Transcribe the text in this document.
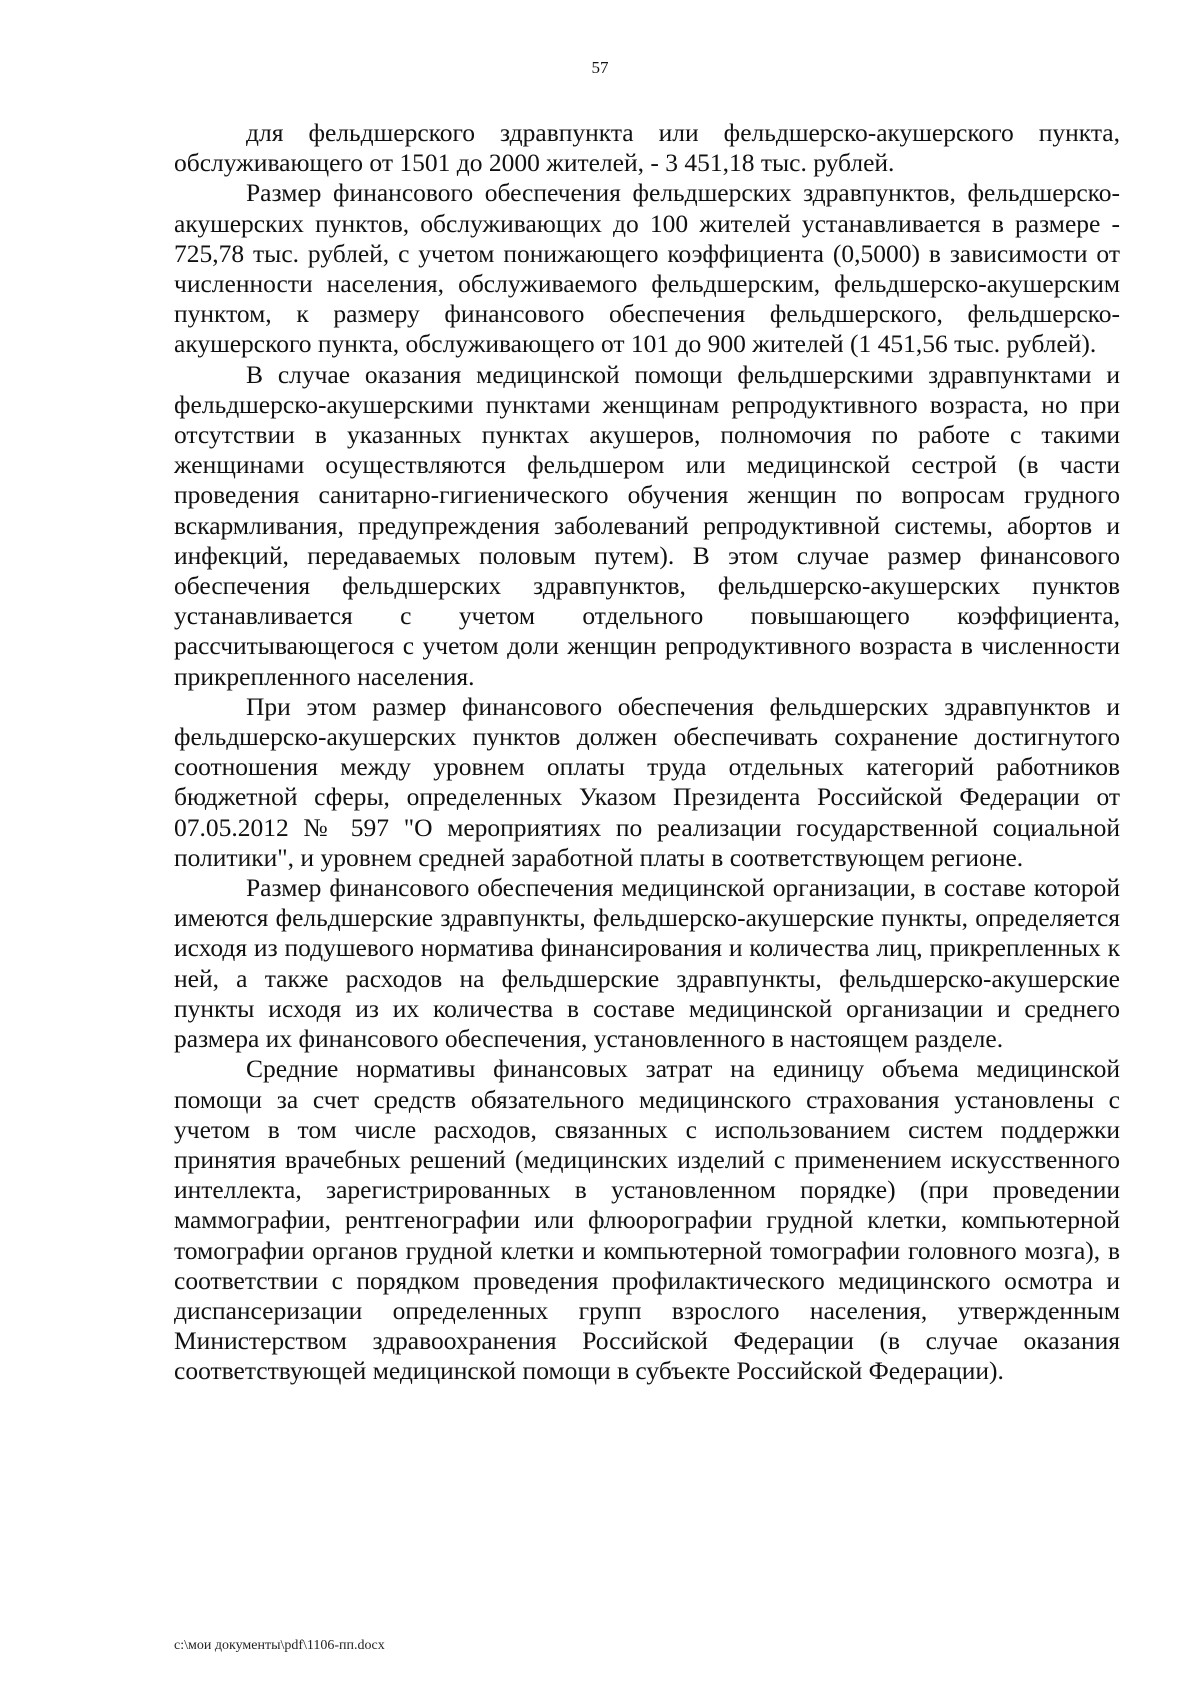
57

для фельдшерского здравпункта или фельдшерско-акушерского пункта, обслуживающего от 1501 до 2000 жителей, - 3 451,18 тыс. рублей.

Размер финансового обеспечения фельдшерских здравпунктов, фельдшерско-акушерских пунктов, обслуживающих до 100 жителей устанавливается в размере - 725,78 тыс. рублей, с учетом понижающего коэффициента (0,5000) в зависимости от численности населения, обслуживаемого фельдшерским, фельдшерско-акушерским пунктом, к размеру финансового обеспечения фельдшерского, фельдшерско-акушерского пункта, обслуживающего от 101 до 900 жителей (1 451,56 тыс. рублей).

В случае оказания медицинской помощи фельдшерскими здравпунктами и фельдшерско-акушерскими пунктами женщинам репродуктивного возраста, но при отсутствии в указанных пунктах акушеров, полномочия по работе с такими женщинами осуществляются фельдшером или медицинской сестрой (в части проведения санитарно-гигиенического обучения женщин по вопросам грудного вскармливания, предупреждения заболеваний репродуктивной системы, абортов и инфекций, передаваемых половым путем). В этом случае размер финансового обеспечения фельдшерских здравпунктов, фельдшерско-акушерских пунктов устанавливается с учетом отдельного повышающего коэффициента, рассчитывающегося с учетом доли женщин репродуктивного возраста в численности прикрепленного населения.

При этом размер финансового обеспечения фельдшерских здравпунктов и фельдшерско-акушерских пунктов должен обеспечивать сохранение достигнутого соотношения между уровнем оплаты труда отдельных категорий работников бюджетной сферы, определенных Указом Президента Российской Федерации от 07.05.2012 № 597 "О мероприятиях по реализации государственной социальной политики", и уровнем средней заработной платы в соответствующем регионе.

Размер финансового обеспечения медицинской организации, в составе которой имеются фельдшерские здравпункты, фельдшерско-акушерские пункты, определяется исходя из подушевого норматива финансирования и количества лиц, прикрепленных к ней, а также расходов на фельдшерские здравпункты, фельдшерско-акушерские пункты исходя из их количества в составе медицинской организации и среднего размера их финансового обеспечения, установленного в настоящем разделе.

Средние нормативы финансовых затрат на единицу объема медицинской помощи за счет средств обязательного медицинского страхования установлены с учетом в том числе расходов, связанных с использованием систем поддержки принятия врачебных решений (медицинских изделий с применением искусственного интеллекта, зарегистрированных в установленном порядке) (при проведении маммографии, рентгенографии или флюорографии грудной клетки, компьютерной томографии органов грудной клетки и компьютерной томографии головного мозга), в соответствии с порядком проведения профилактического медицинского осмотра и диспансеризации определенных групп взрослого населения, утвержденным Министерством здравоохранения Российской Федерации (в случае оказания соответствующей медицинской помощи в субъекте Российской Федерации).

c:\мои документы\pdf\1106-пп.docx
